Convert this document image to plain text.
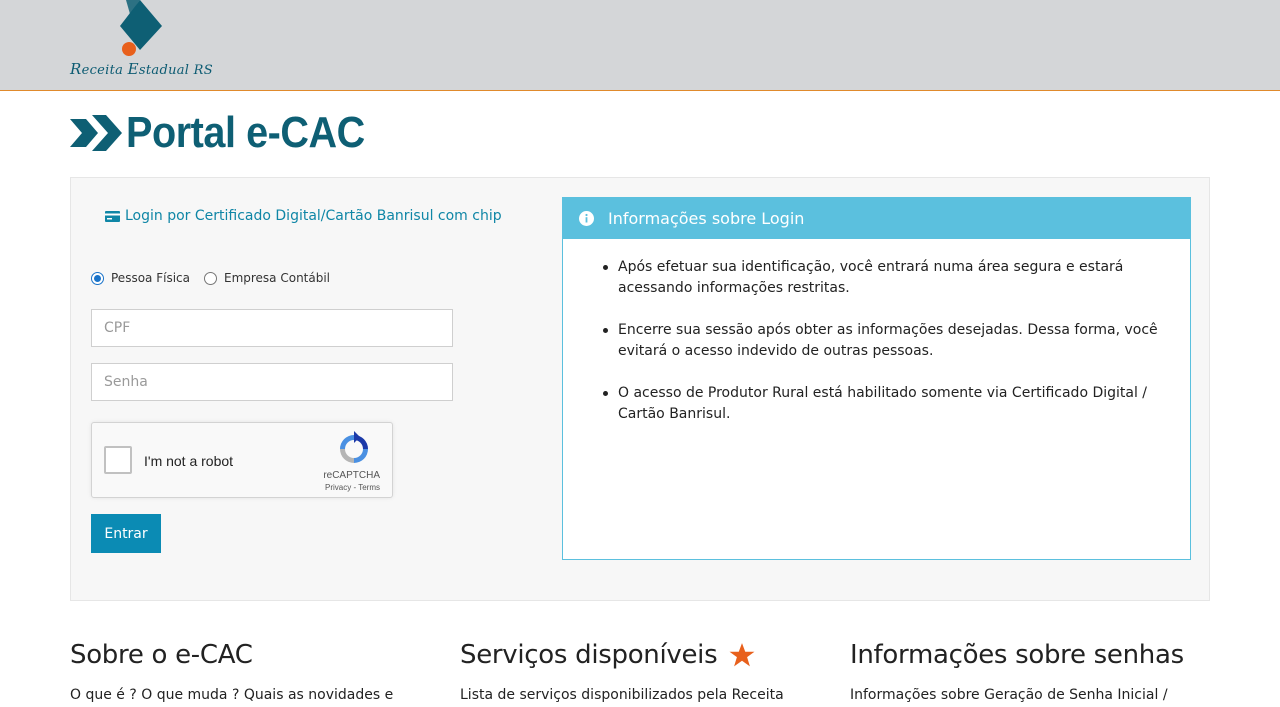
Receita Estadual RS
Portal e-CAC
Login por Certificado Digital/Cartão Banrisul com chip
Pessoa Física	Empresa Contábil
CPF
I'm not a robot
reCAPTCHA
Privacy - Terms
Entrar
Informações sobre Login
Após efetuar sua identificação, você entrará numa área segura e estará acessando informações restritas.
Encerre sua sessão após obter as informações desejadas. Dessa forma, você evitará o acesso indevido de outras pessoas.
O acesso de Produtor Rural está habilitado somente via Certificado Digital / Cartão Banrisul.
Sobre o e-CAC

O que é ? O que muda ? Quais as novidades e

Serviços disponíveis

Lista de serviços disponibilizados pela Receita

Informações sobre senhas

Informações sobre Geração de Senha Inicial /
